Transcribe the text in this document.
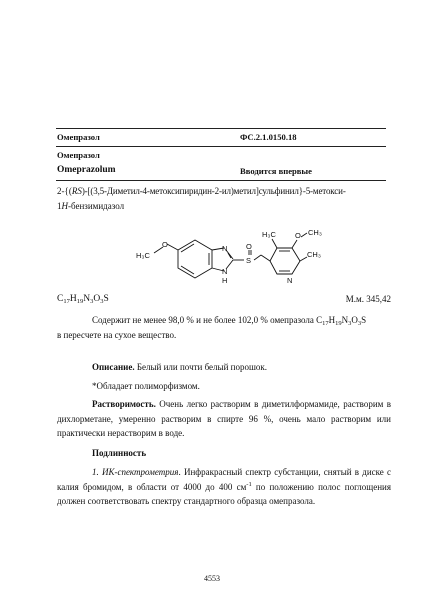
Омепразол	ФС.2.1.0150.18
Омепразол
Omeprazolum	Вводится впервые
2-{(RS)-[(3,5-Диметил-4-метоксипиридин-2-ил)метил]сульфинил}-5-метокси-
1H-бензимидазол
H₃C
O	N
N
H
S
O
H₃C	O CH₃
CH₃
N
$C_{17}H_{19}N_3O_3S$	М.м. 345,42
Содержит не менее 98,0 % и не более 102,0 % омепразола $C_{17}H_{19}N_3O_3S$
в пересчете на сухое вещество.
Описание. Белый или почти белый порошок.
*Обладает полиморфизмом.
Растворимость. Очень легко растворим в диметилформамиде, растворим в дихлорметане, умеренно растворим в спирте 96 %, очень мало растворим или практически нерастворим в воде.
Подлинность
1. ИК-спектрометрия. Инфракрасный спектр субстанции, снятый в диске с калия бромидом, в области от 4000 до 400 $см^{-1}$ по положению полос поглощения должен соответствовать спектру стандартного образца омепразола.
4553
